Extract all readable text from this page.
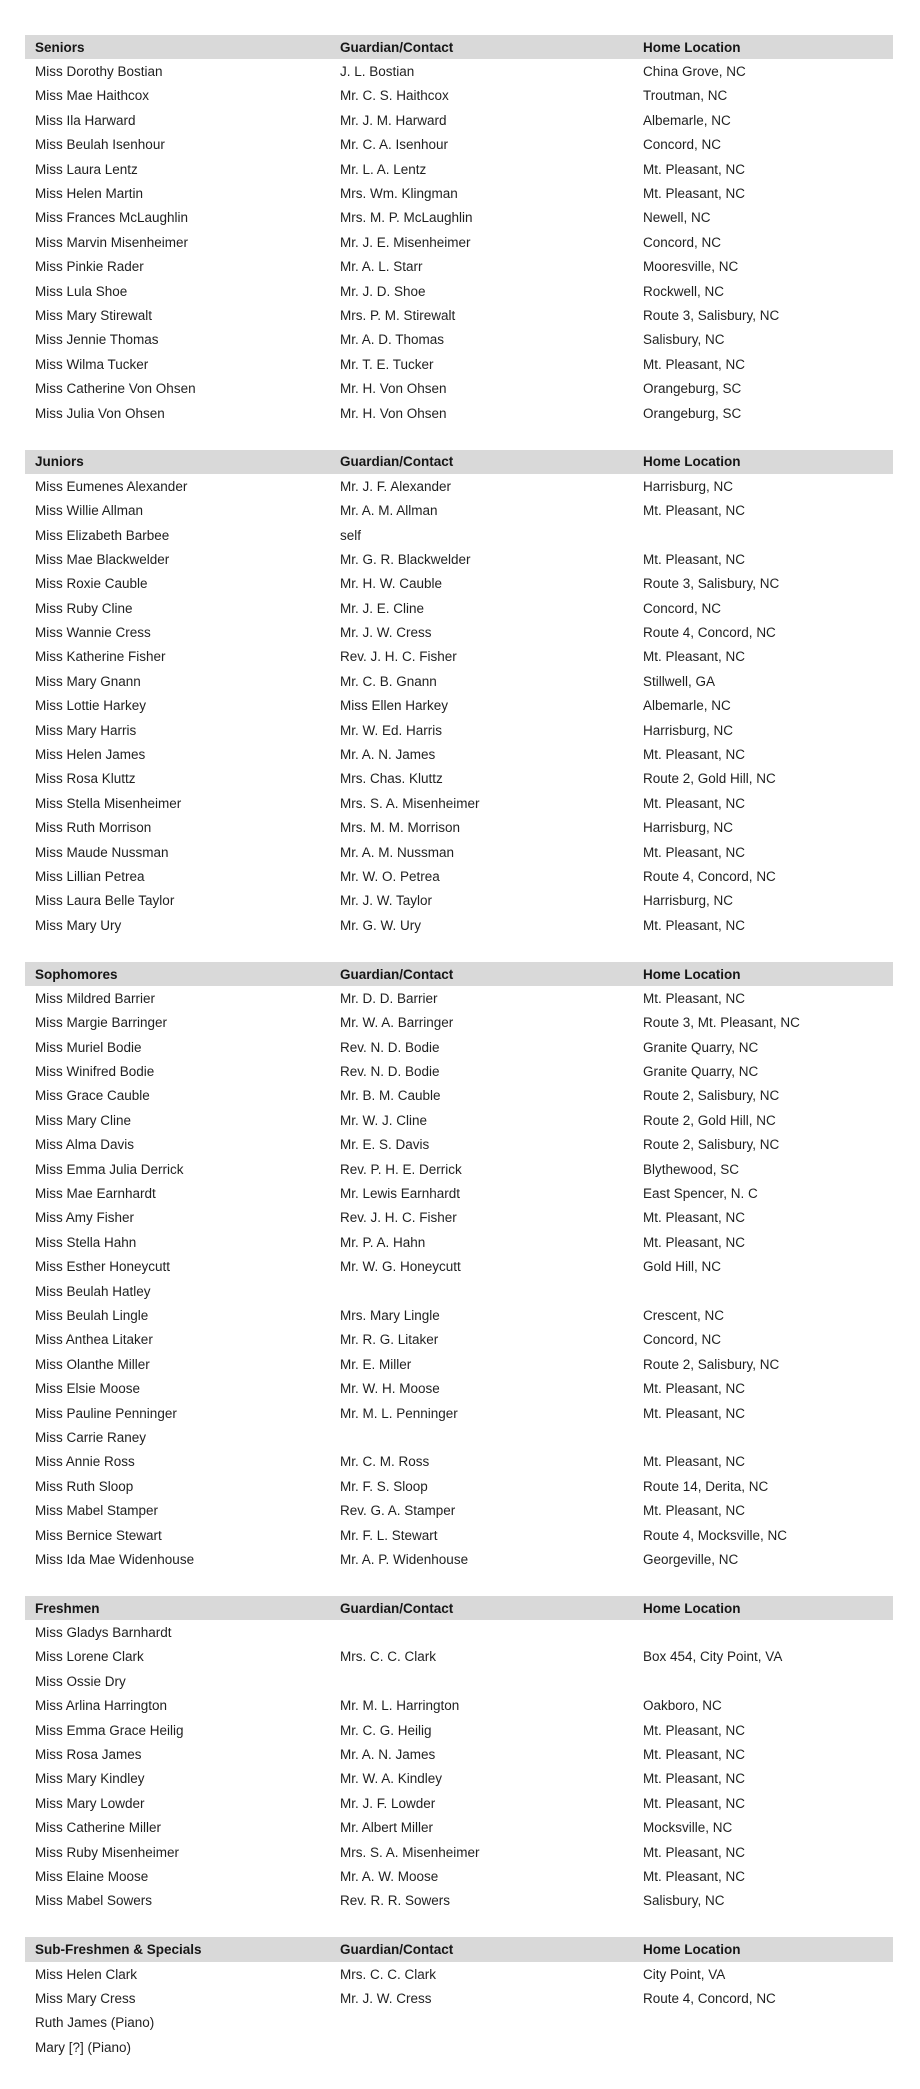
Seniors	Guardian/Contact	Home Location
Miss Dorothy Bostian	J. L. Bostian	China Grove, NC
Miss Mae Haithcox	Mr. C. S. Haithcox	Troutman, NC
Miss Ila Harward	Mr. J. M. Harward	Albemarle, NC
Miss Beulah Isenhour	Mr. C. A. Isenhour	Concord, NC
Miss Laura Lentz	Mr. L. A. Lentz	Mt. Pleasant, NC
Miss Helen Martin	Mrs. Wm. Klingman	Mt. Pleasant, NC
Miss Frances McLaughlin	Mrs. M. P. McLaughlin	Newell, NC
Miss Marvin Misenheimer	Mr. J. E. Misenheimer	Concord, NC
Miss Pinkie Rader	Mr. A. L. Starr	Mooresville, NC
Miss Lula Shoe	Mr. J. D. Shoe	Rockwell, NC
Miss Mary Stirewalt	Mrs. P. M. Stirewalt	Route 3, Salisbury, NC
Miss Jennie Thomas	Mr. A. D. Thomas	Salisbury, NC
Miss Wilma Tucker	Mr. T. E. Tucker	Mt. Pleasant, NC
Miss Catherine Von Ohsen	Mr. H. Von Ohsen	Orangeburg, SC
Miss Julia Von Ohsen	Mr. H. Von Ohsen	Orangeburg, SC
Juniors	Guardian/Contact	Home Location
Miss Eumenes Alexander	Mr. J. F. Alexander	Harrisburg, NC
Miss Willie Allman	Mr. A. M. Allman	Mt. Pleasant, NC
Miss Elizabeth Barbee	self
Miss Mae Blackwelder	Mr. G. R. Blackwelder	Mt. Pleasant, NC
Miss Roxie Cauble	Mr. H. W. Cauble	Route 3, Salisbury, NC
Miss Ruby Cline	Mr. J. E. Cline	Concord, NC
Miss Wannie Cress	Mr. J. W. Cress	Route 4, Concord, NC
Miss Katherine Fisher	Rev. J. H. C. Fisher	Mt. Pleasant, NC
Miss Mary Gnann	Mr. C. B. Gnann	Stillwell, GA
Miss Lottie Harkey	Miss Ellen Harkey	Albemarle, NC
Miss Mary Harris	Mr. W. Ed. Harris	Harrisburg, NC
Miss Helen James	Mr. A. N. James	Mt. Pleasant, NC
Miss Rosa Kluttz	Mrs. Chas. Kluttz	Route 2, Gold Hill, NC
Miss Stella Misenheimer	Mrs. S. A. Misenheimer	Mt. Pleasant, NC
Miss Ruth Morrison	Mrs. M. M. Morrison	Harrisburg, NC
Miss Maude Nussman	Mr. A. M. Nussman	Mt. Pleasant, NC
Miss Lillian Petrea	Mr. W. O. Petrea	Route 4, Concord, NC
Miss Laura Belle Taylor	Mr. J. W. Taylor	Harrisburg, NC
Miss Mary Ury	Mr. G. W. Ury	Mt. Pleasant, NC
Sophomores	Guardian/Contact	Home Location
Miss Mildred Barrier	Mr. D. D. Barrier	Mt. Pleasant, NC
Miss Margie Barringer	Mr. W. A. Barringer	Route 3, Mt. Pleasant, NC
Miss Muriel Bodie	Rev. N. D. Bodie	Granite Quarry, NC
Miss Winifred Bodie	Rev. N. D. Bodie	Granite Quarry, NC
Miss Grace Cauble	Mr. B. M. Cauble	Route 2, Salisbury, NC
Miss Mary Cline	Mr. W. J. Cline	Route 2, Gold Hill, NC
Miss Alma Davis	Mr. E. S. Davis	Route 2, Salisbury, NC
Miss Emma Julia Derrick	Rev. P. H. E. Derrick	Blythewood, SC
Miss Mae Earnhardt	Mr. Lewis Earnhardt	East Spencer, N. C
Miss Amy Fisher	Rev. J. H. C. Fisher	Mt. Pleasant, NC
Miss Stella Hahn	Mr. P. A. Hahn	Mt. Pleasant, NC
Miss Esther Honeycutt	Mr. W. G. Honeycutt	Gold Hill, NC
Miss Beulah Hatley
Miss Beulah Lingle	Mrs. Mary Lingle	Crescent, NC
Miss Anthea Litaker	Mr. R. G. Litaker	Concord, NC
Miss Olanthe Miller	Mr. E. Miller	Route 2, Salisbury, NC
Miss Elsie Moose	Mr. W. H. Moose	Mt. Pleasant, NC
Miss Pauline Penninger	Mr. M. L. Penninger	Mt. Pleasant, NC
Miss Carrie Raney
Miss Annie Ross	Mr. C. M. Ross	Mt. Pleasant, NC
Miss Ruth Sloop	Mr. F. S. Sloop	Route 14, Derita, NC
Miss Mabel Stamper	Rev. G. A. Stamper	Mt. Pleasant, NC
Miss Bernice Stewart	Mr. F. L. Stewart	Route 4, Mocksville, NC
Miss Ida Mae Widenhouse	Mr. A. P. Widenhouse	Georgeville, NC
Freshmen	Guardian/Contact	Home Location
Miss Gladys Barnhardt
Miss Lorene Clark	Mrs. C. C. Clark	Box 454, City Point, VA
Miss Ossie Dry
Miss Arlina Harrington	Mr. M. L. Harrington	Oakboro, NC
Miss Emma Grace Heilig	Mr. C. G. Heilig	Mt. Pleasant, NC
Miss Rosa James	Mr. A. N. James	Mt. Pleasant, NC
Miss Mary Kindley	Mr. W. A. Kindley	Mt. Pleasant, NC
Miss Mary Lowder	Mr. J. F. Lowder	Mt. Pleasant, NC
Miss Catherine Miller	Mr. Albert Miller	Mocksville, NC
Miss Ruby Misenheimer	Mrs. S. A. Misenheimer	Mt. Pleasant, NC
Miss Elaine Moose	Mr. A. W. Moose	Mt. Pleasant, NC
Miss Mabel Sowers	Rev. R. R. Sowers	Salisbury, NC
Sub-Freshmen & Specials	Guardian/Contact	Home Location
Miss Helen Clark	Mrs. C. C. Clark	City Point, VA
Miss Mary Cress	Mr. J. W. Cress	Route 4, Concord, NC
Ruth James (Piano)
Mary [?] (Piano)
